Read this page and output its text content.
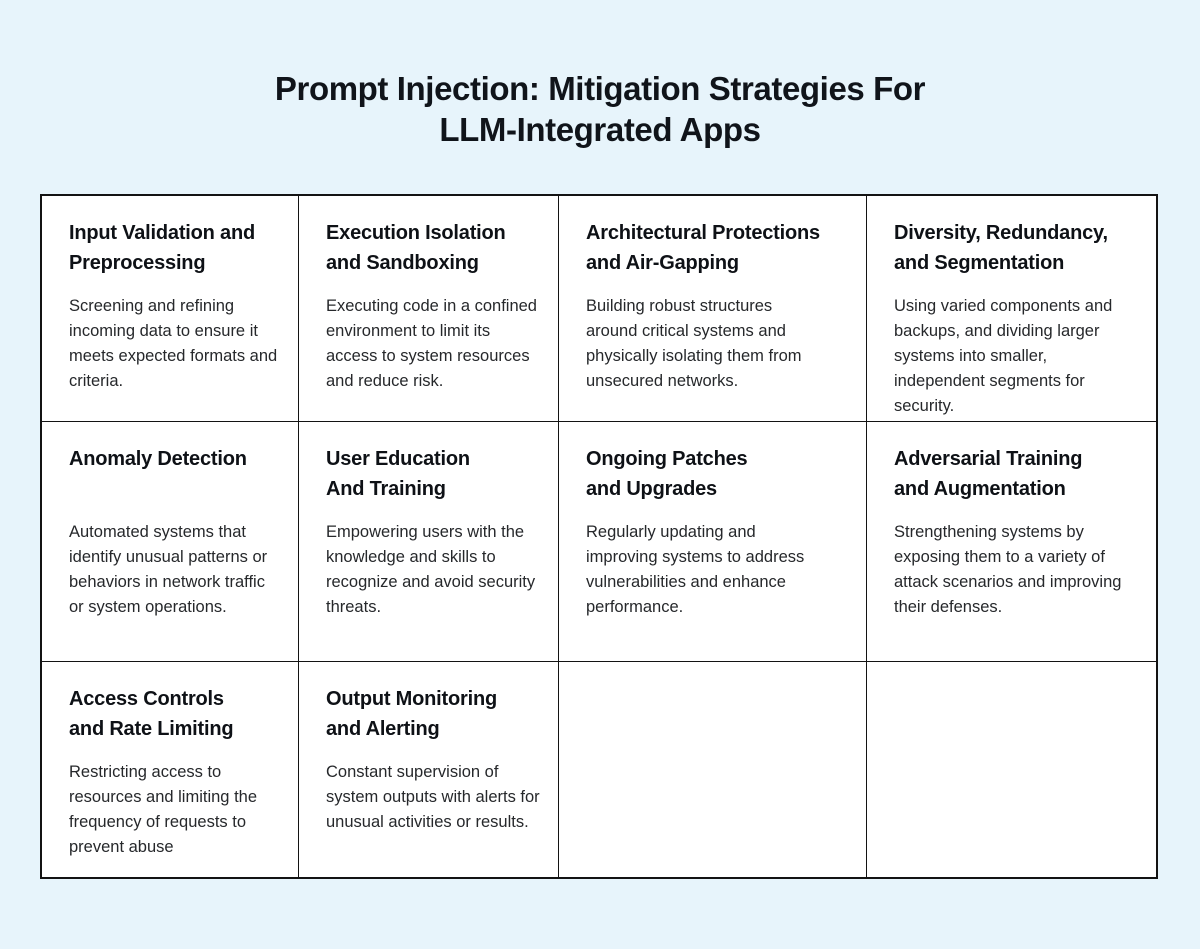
Prompt Injection: Mitigation Strategies For
LLM-Integrated Apps
Input Validation and
Preprocessing

Screening and refining incoming data to ensure it meets expected formats and criteria.

Execution Isolation
and Sandboxing

Executing code in a confined environment to limit its access to system resources and reduce risk.

Architectural Protections
and Air-Gapping

Building robust structures around critical systems and physically isolating them from unsecured networks.

Diversity, Redundancy,
and Segmentation

Using varied components and backups, and dividing larger systems into smaller, independent segments for security.

Anomaly Detection

Automated systems that identify unusual patterns or behaviors in network traffic or system operations.

User Education
And Training

Empowering users with the knowledge and skills to recognize and avoid security threats.

Ongoing Patches
and Upgrades

Regularly updating and improving systems to address vulnerabilities and enhance performance.

Adversarial Training
and Augmentation

Strengthening systems by exposing them to a variety of attack scenarios and improving their defenses.

Access Controls
and Rate Limiting

Restricting access to resources and limiting the frequency of requests to prevent abuse

Output Monitoring
and Alerting

Constant supervision of system outputs with alerts for unusual activities or results.
